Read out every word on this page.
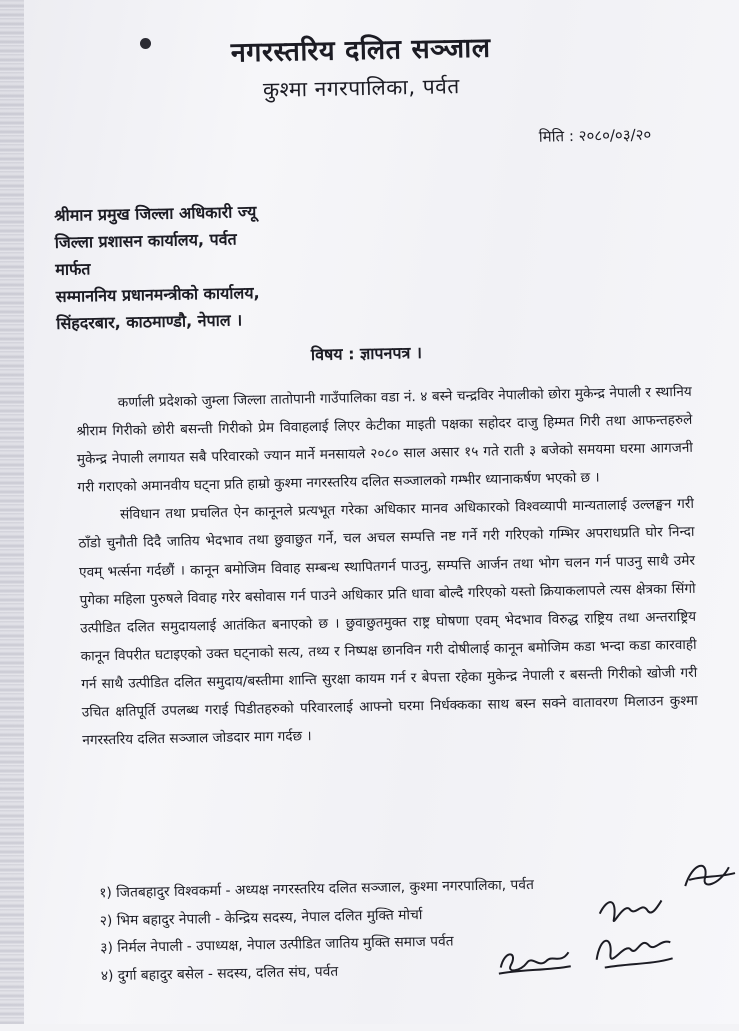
नगरस्तरिय दलित सञ्जाल
कुश्मा नगरपालिका, पर्वत
मिति : २०८०/०३/२०
श्रीमान प्रमुख जिल्ला अधिकारी ज्यू
जिल्ला प्रशासन कार्यालय, पर्वत
मार्फत
सम्माननिय प्रधानमन्त्रीको कार्यालय,
सिंहदरबार, काठमाण्डौ, नेपाल ।
विषय : ज्ञापनपत्र ।

कर्णाली प्रदेशको जुम्ला जिल्ला तातोपानी गाउँपालिका वडा नं. ४ बस्ने चन्द्रविर नेपालीको छोरा मुकेन्द्र नेपाली र स्थानिय श्रीराम गिरीको छोरी बसन्ती गिरीको प्रेम विवाहलाई लिएर केटीका माइती पक्षका सहोदर दाजु हिम्मत गिरी तथा आफन्तहरुले मुकेन्द्र नेपाली लगायत सबै परिवारको ज्यान मार्ने मनसायले २०८० साल असार १५ गते राती ३ बजेको समयमा घरमा आगजनी गरी गराएको अमानवीय घट्ना प्रति हाम्रो कुश्मा नगरस्तरिय दलित सञ्जालको गम्भीर ध्यानाकर्षण भएको छ ।

संविधान तथा प्रचलित ऐन कानूनले प्रत्यभूत गरेका अधिकार मानव अधिकारको विश्वव्यापी मान्यतालाई उल्लङ्घन गरी ठाँडो चुनौती दिदै जातिय भेदभाव तथा छुवाछुत गर्ने, चल अचल सम्पत्ति नष्ट गर्ने गरी गरिएको गम्भिर अपराधप्रति घोर निन्दा एवम् भर्त्सना गर्दछौं । कानून बमोजिम विवाह सम्बन्ध स्थापितगर्न पाउनु, सम्पत्ति आर्जन तथा भोग चलन गर्न पाउनु साथै उमेर पुगेका महिला पुरुषले विवाह गरेर बसोवास गर्न पाउने अधिकार प्रति धावा बोल्दै गरिएको यस्तो क्रियाकलापले त्यस क्षेत्रका सिंगो उत्पीडित दलित समुदायलाई आतंकित बनाएको छ । छुवाछुतमुक्त राष्ट्र घोषणा एवम् भेदभाव विरुद्ध राष्ट्रिय तथा अन्तराष्ट्रिय कानून विपरीत घटाइएको उक्त घट्नाको सत्य, तथ्य र निष्पक्ष छानविन गरी दोषीलाई कानून बमोजिम कडा भन्दा कडा कारवाही गर्न साथै उत्पीडित दलित समुदाय/बस्तीमा शान्ति सुरक्षा कायम गर्न र बेपत्ता रहेका मुकेन्द्र नेपाली र बसन्ती गिरीको खोजी गरी उचित क्षतिपूर्ति उपलब्ध गराई पिडीतहरुको परिवारलाई आफ्नो घरमा निर्धक्कका साथ बस्न सक्ने वातावरण मिलाउन कुश्मा नगरस्तरिय दलित सञ्जाल जोडदार माग गर्दछ ।

१) जितबहादुर विश्वकर्मा - अध्यक्ष नगरस्तरिय दलित सञ्जाल, कुश्मा नगरपालिका, पर्वत
२) भिम बहादुर नेपाली - केन्द्रिय सदस्य, नेपाल दलित मुक्ति मोर्चा
३) निर्मल नेपाली - उपाध्यक्ष, नेपाल उत्पीडित जातिय मुक्ति समाज पर्वत
४) दुर्गा बहादुर बसेल - सदस्य, दलित संघ, पर्वत
